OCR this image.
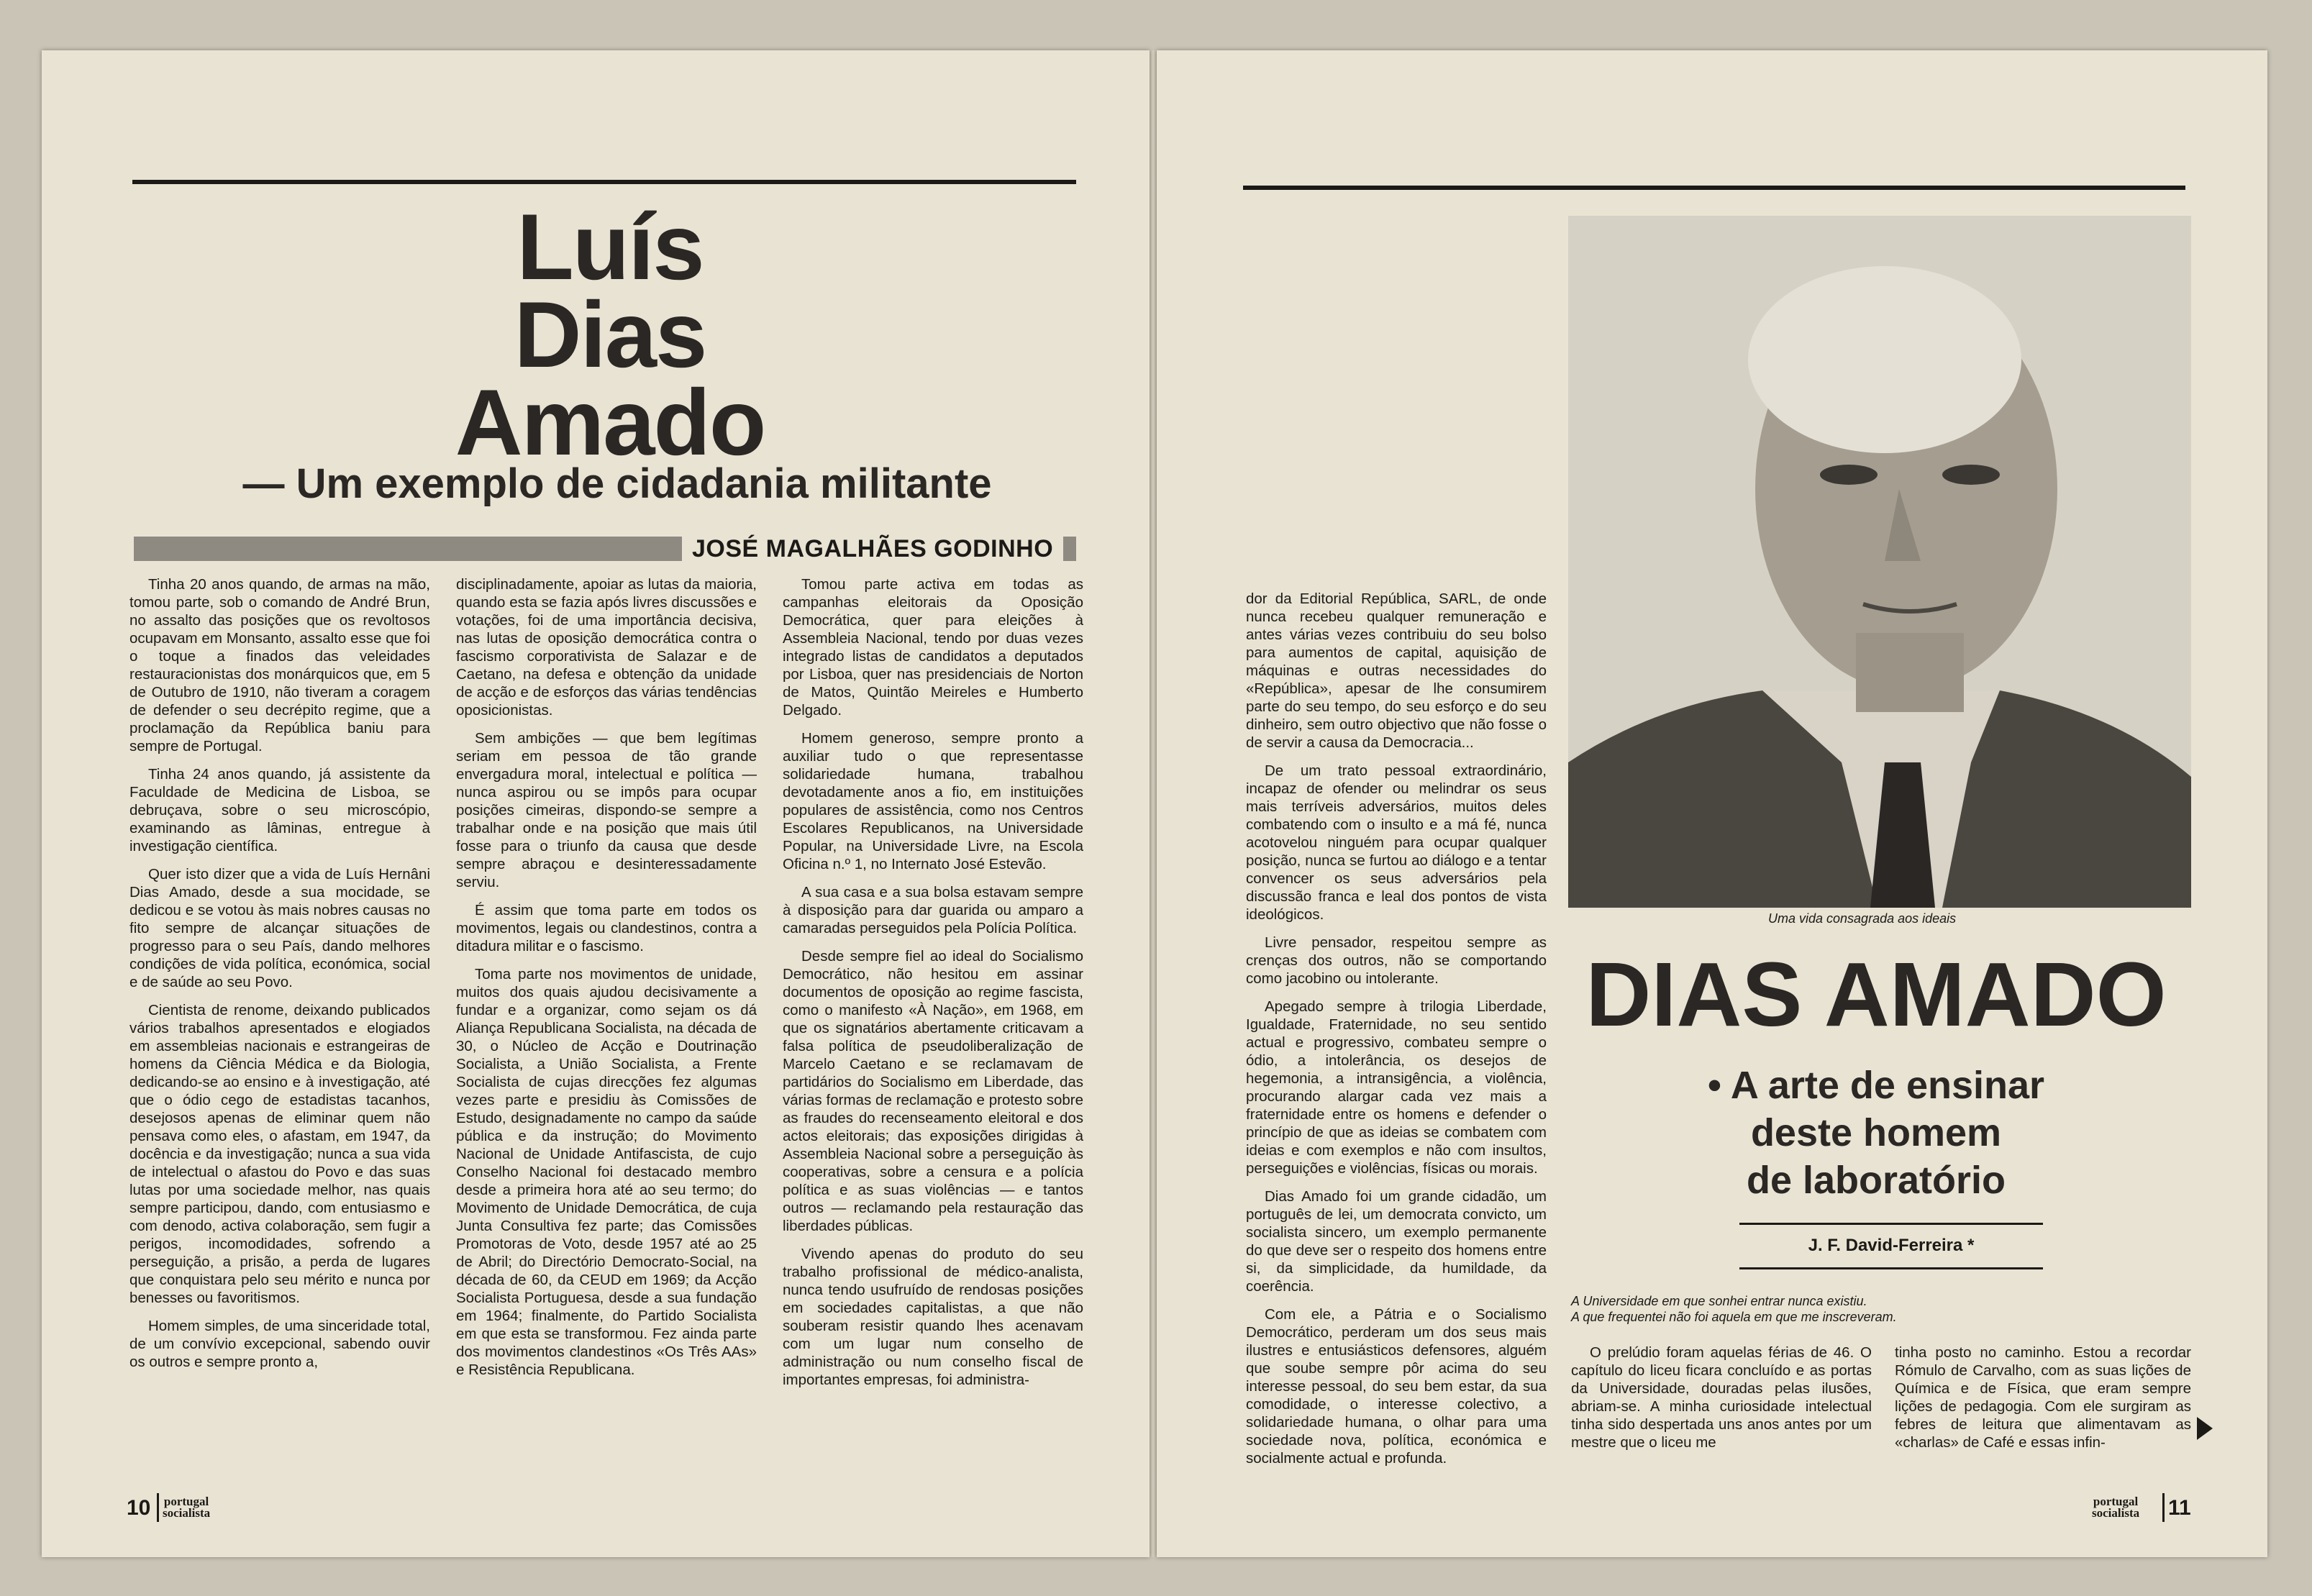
Luís
Dias
Amado
— Um exemplo de cidadania militante
JOSÉ MAGALHÃES GODINHO

Tinha 20 anos quando, de armas na mão, tomou parte, sob o comando de André Brun, no assalto das posições que os revoltosos ocupavam em Monsanto, assalto esse que foi o toque a finados das veleidades restauracionistas dos monárquicos que, em 5 de Outubro de 1910, não tiveram a coragem de defender o seu decrépito regime, que a proclamação da República baniu para sempre de Portugal.

Tinha 24 anos quando, já assistente da Faculdade de Medicina de Lisboa, se debruçava, sobre o seu microscópio, examinando as lâminas, entregue à investigação científica.

Quer isto dizer que a vida de Luís Hernâni Dias Amado, desde a sua mocidade, se dedicou e se votou às mais nobres causas no fito sempre de alcançar situações de progresso para o seu País, dando melhores condições de vida política, económica, social e de saúde ao seu Povo.

Cientista de renome, deixando publicados vários trabalhos apresentados e elogiados em assembleias nacionais e estrangeiras de homens da Ciência Médica e da Biologia, dedicando-se ao ensino e à investigação, até que o ódio cego de estadistas tacanhos, desejosos apenas de eliminar quem não pensava como eles, o afastam, em 1947, da docência e da investigação; nunca a sua vida de intelectual o afastou do Povo e das suas lutas por uma sociedade melhor, nas quais sempre participou, dando, com entusiasmo e com denodo, activa colaboração, sem fugir a perigos, incomodidades, sofrendo a perseguição, a prisão, a perda de lugares que conquistara pelo seu mérito e nunca por benesses ou favoritismos.

Homem simples, de uma sinceridade total, de um convívio excepcional, sabendo ouvir os outros e sempre pronto a,

disciplinadamente, apoiar as lutas da maioria, quando esta se fazia após livres discussões e votações, foi de uma importância decisiva, nas lutas de oposição democrática contra o fascismo corporativista de Salazar e de Caetano, na defesa e obtenção da unidade de acção e de esforços das várias tendências oposicionistas.

Sem ambições — que bem legítimas seriam em pessoa de tão grande envergadura moral, intelectual e política — nunca aspirou ou se impôs para ocupar posições cimeiras, dispondo-se sempre a trabalhar onde e na posição que mais útil fosse para o triunfo da causa que desde sempre abraçou e desinteressadamente serviu.

É assim que toma parte em todos os movimentos, legais ou clandestinos, contra a ditadura militar e o fascismo.

Toma parte nos movimentos de unidade, muitos dos quais ajudou decisivamente a fundar e a organizar, como sejam os dá Aliança Republicana Socialista, na década de 30, o Núcleo de Acção e Doutrinação Socialista, a União Socialista, a Frente Socialista de cujas direcções fez algumas vezes parte e presidiu às Comissões de Estudo, designadamente no campo da saúde pública e da instrução; do Movimento Nacional de Unidade Antifascista, de cujo Conselho Nacional foi destacado membro desde a primeira hora até ao seu termo; do Movimento de Unidade Democrática, de cuja Junta Consultiva fez parte; das Comissões Promotoras de Voto, desde 1957 até ao 25 de Abril; do Directório Democrato-Social, na década de 60, da CEUD em 1969; da Acção Socialista Portuguesa, desde a sua fundação em 1964; finalmente, do Partido Socialista em que esta se transformou. Fez ainda parte dos movimentos clandestinos «Os Três AAs» e Resistência Republicana.

Tomou parte activa em todas as campanhas eleitorais da Oposição Democrática, quer para eleições à Assembleia Nacional, tendo por duas vezes integrado listas de candidatos a deputados por Lisboa, quer nas presidenciais de Norton de Matos, Quintão Meireles e Humberto Delgado.

Homem generoso, sempre pronto a auxiliar tudo o que representasse solidariedade humana, trabalhou devotadamente anos a fio, em instituições populares de assistência, como nos Centros Escolares Republicanos, na Universidade Popular, na Universidade Livre, na Escola Oficina n.º 1, no Internato José Estevão.

A sua casa e a sua bolsa estavam sempre à disposição para dar guarida ou amparo a camaradas perseguidos pela Polícia Política.

Desde sempre fiel ao ideal do Socialismo Democrático, não hesitou em assinar documentos de oposição ao regime fascista, como o manifesto «À Nação», em 1968, em que os signatários abertamente criticavam a falsa política de pseudoliberalização de Marcelo Caetano e se reclamavam de partidários do Socialismo em Liberdade, das várias formas de reclamação e protesto sobre as fraudes do recenseamento eleitoral e dos actos eleitorais; das exposições dirigidas à Assembleia Nacional sobre a perseguição às cooperativas, sobre a censura e a polícia política e as suas violências — e tantos outros — reclamando pela restauração das liberdades públicas.

Vivendo apenas do produto do seu trabalho profissional de médico-analista, nunca tendo usufruído de rendosas posições em sociedades capitalistas, a que não souberam resistir quando lhes acenavam com um lugar num conselho de administração ou num conselho fiscal de importantes empresas, foi administra-

10 portugal
socialista
Uma vida consagrada aos ideais

dor da Editorial República, SARL, de onde nunca recebeu qualquer remuneração e antes várias vezes contribuiu do seu bolso para aumentos de capital, aquisição de máquinas e outras necessidades do «República», apesar de lhe consumirem parte do seu tempo, do seu esforço e do seu dinheiro, sem outro objectivo que não fosse o de servir a causa da Democracia...

De um trato pessoal extraordinário, incapaz de ofender ou melindrar os seus mais terríveis adversários, muitos deles combatendo com o insulto e a má fé, nunca acotovelou ninguém para ocupar qualquer posição, nunca se furtou ao diálogo e a tentar convencer os seus adversários pela discussão franca e leal dos pontos de vista ideológicos.

Livre pensador, respeitou sempre as crenças dos outros, não se comportando como jacobino ou intolerante.

Apegado sempre à trilogia Liberdade, Igualdade, Fraternidade, no seu sentido actual e progressivo, combateu sempre o ódio, a intolerância, os desejos de hegemonia, a intransigência, a violência, procurando alargar cada vez mais a fraternidade entre os homens e defender o princípio de que as ideias se combatem com ideias e com exemplos e não com insultos, perseguições e violências, físicas ou morais.

Dias Amado foi um grande cidadão, um português de lei, um democrata convicto, um socialista sincero, um exemplo permanente do que deve ser o respeito dos homens entre si, da simplicidade, da humildade, da coerência.

Com ele, a Pátria e o Socialismo Democrático, perderam um dos seus mais ilustres e entusiásticos defensores, alguém que soube sempre pôr acima do seu interesse pessoal, do seu bem estar, da sua comodidade, o interesse colectivo, a solidariedade humana, o olhar para uma sociedade nova, política, económica e socialmente actual e profunda.

DIAS AMADO
• A arte de ensinar
deste homem
de laboratório
J. F. David-Ferreira *
A Universidade em que sonhei entrar nunca existiu.
A que frequentei não foi aquela em que me inscreveram.

O prelúdio foram aquelas férias de 46. O capítulo do liceu ficara concluído e as portas da Universidade, douradas pelas ilusões, abriam-se. A minha curiosidade intelectual tinha sido despertada uns anos antes por um mestre que o liceu me

tinha posto no caminho. Estou a recordar Rómulo de Carvalho, com as suas lições de Química e de Física, que eram sempre lições de pedagogia. Com ele surgiram as febres de leitura que alimentavam as «charlas» de Café e essas infin-

portugal
socialista 11
